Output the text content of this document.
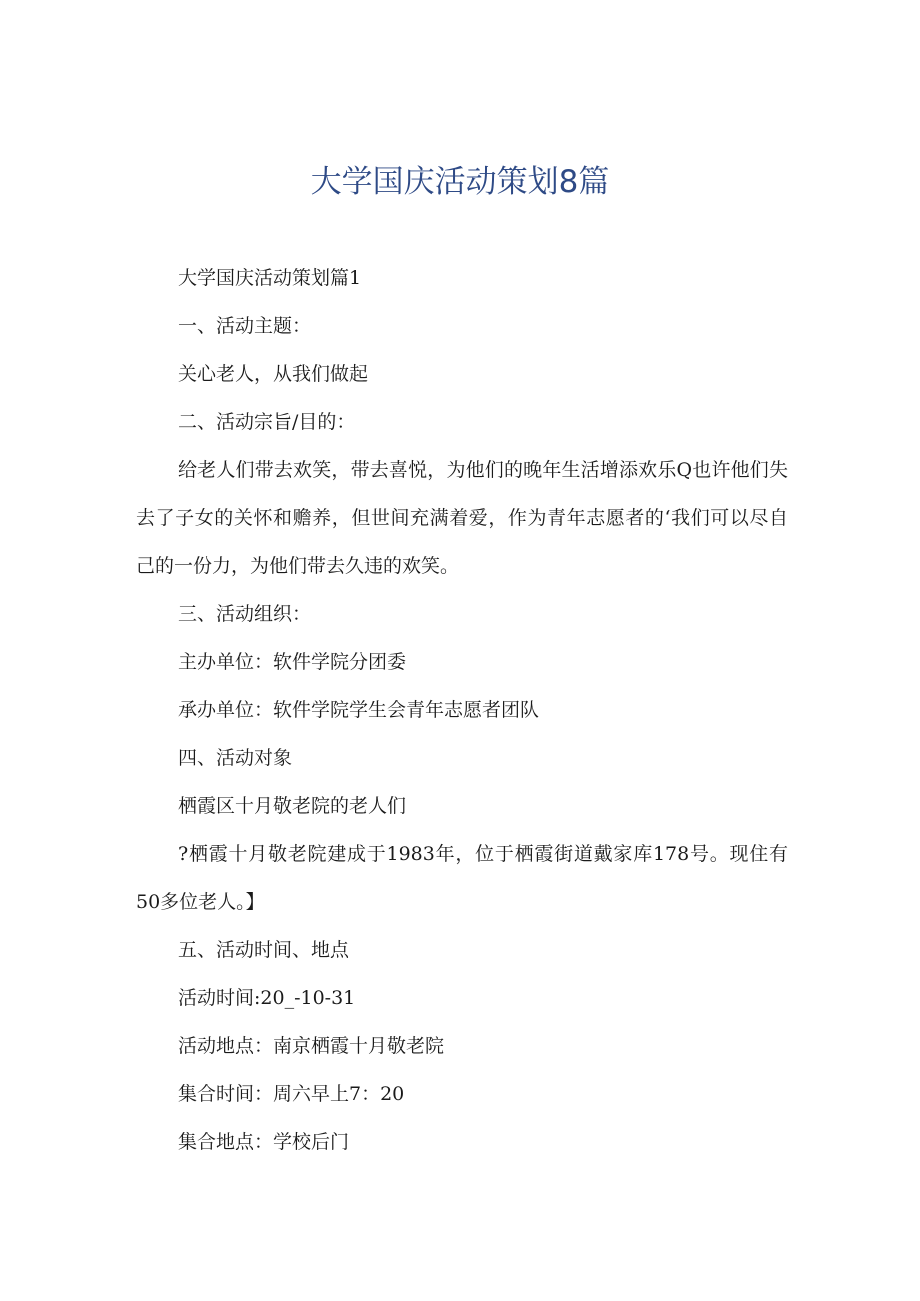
大学国庆活动策划8篇

大学国庆活动策划篇1

一、活动主题：

关心老人，从我们做起

二、活动宗旨/目的：

给老人们带去欢笑，带去喜悦，为他们的晚年生活增添欢乐Q也许他们失去了子女的关怀和赡养，但世间充满着爱，作为青年志愿者的‘我们可以尽自己的一份力，为他们带去久违的欢笑。

三、活动组织：

主办单位：软件学院分团委

承办单位：软件学院学生会青年志愿者团队

四、活动对象

栖霞区十月敬老院的老人们

?栖霞十月敬老院建成于1983年，位于栖霞街道戴家库178号。现住有50多位老人。】

五、活动时间、地点

活动时间:20_-10-31

活动地点：南京栖霞十月敬老院

集合时间：周六早上7：20

集合地点：学校后门
